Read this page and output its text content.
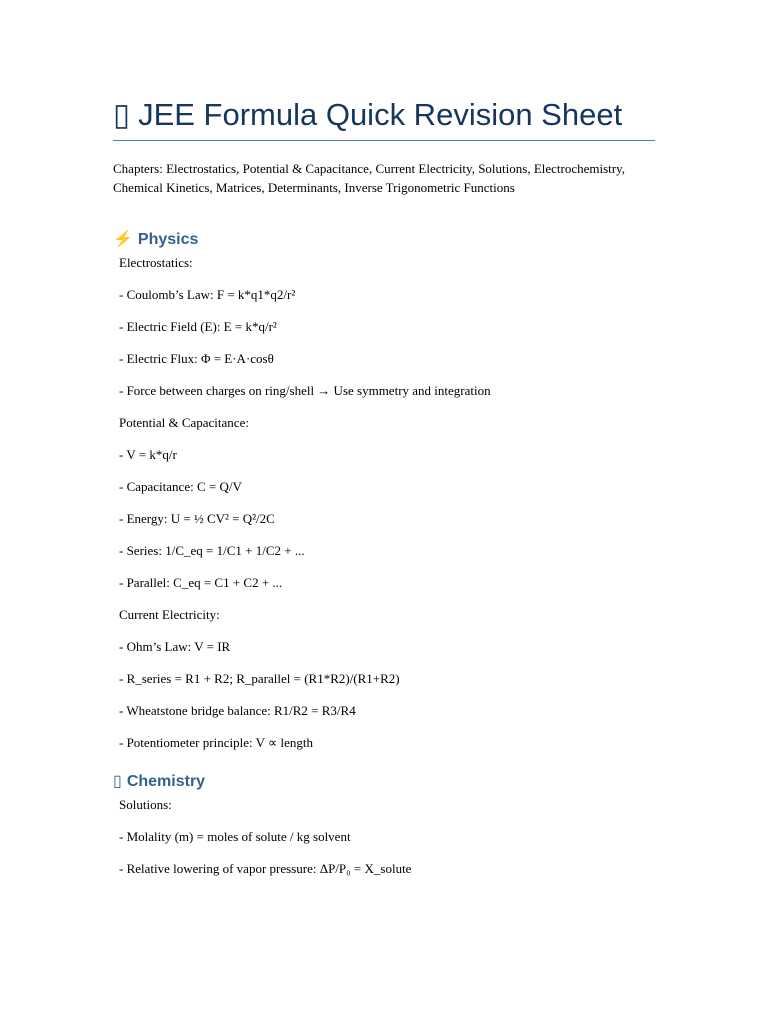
▯ JEE Formula Quick Revision Sheet
Chapters: Electrostatics, Potential & Capacitance, Current Electricity, Solutions, Electrochemistry, Chemical Kinetics, Matrices, Determinants, Inverse Trigonometric Functions
⚡ Physics
Electrostatics:
- Coulomb’s Law: F = k*q1*q2/r²
- Electric Field (E): E = k*q/r²
- Electric Flux: Φ = E·A·cosθ
- Force between charges on ring/shell → Use symmetry and integration
Potential & Capacitance:
- V = k*q/r
- Capacitance: C = Q/V
- Energy: U = ½ CV² = Q²/2C
- Series: 1/C_eq = 1/C1 + 1/C2 + ...
- Parallel: C_eq = C1 + C2 + ...
Current Electricity:
- Ohm’s Law: V = IR
- R_series = R1 + R2; R_parallel = (R1*R2)/(R1+R2)
- Wheatstone bridge balance: R1/R2 = R3/R4
- Potentiometer principle: V ∝ length
▯ Chemistry
Solutions:
- Molality (m) = moles of solute / kg solvent
- Relative lowering of vapor pressure: ΔP/P₀ = X_solute
